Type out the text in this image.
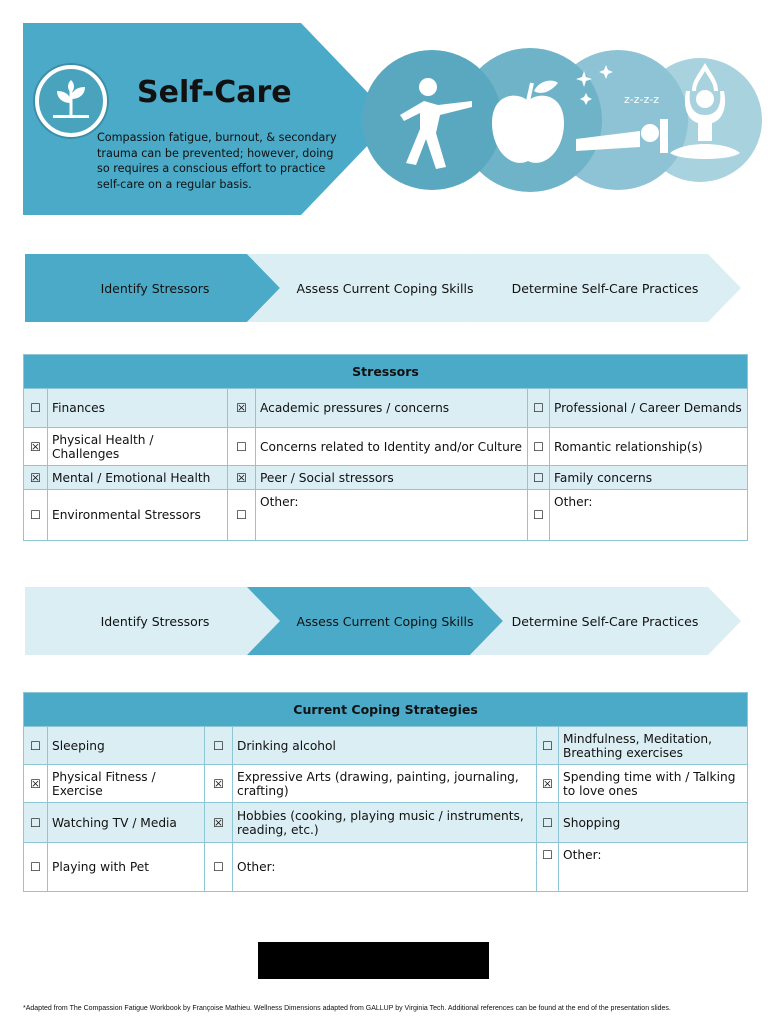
Self-Care
Compassion fatigue, burnout, & secondary trauma can be prevented; however, doing so requires a conscious effort to practice self-care on a regular basis.
z-z-z-z
Identify Stressors	Assess Current Coping Skills	Determine Self-Care Practices
Stressors					
☐	Finances	☒	Academic pressures / concerns	☐	Professional / Career Demands
☒	Physical Health / Challenges	☐	Concerns related to Identity and/or Culture	☐	Romantic relationship(s)
☒	Mental / Emotional Health	☒	Peer / Social stressors	☐	Family concerns
☐	Environmental Stressors	☐	Other:	☐	Other:
Identify Stressors	Assess Current Coping Skills	Determine Self-Care Practices
Current Coping Strategies					
☐	Sleeping	☐	Drinking alcohol	☐	Mindfulness, Meditation, Breathing exercises
☒	Physical Fitness / Exercise	☒	Expressive Arts (drawing, painting, journaling, crafting)	☒	Spending time with / Talking to love ones
☐	Watching TV / Media	☒	Hobbies (cooking, playing music / instruments, reading, etc.)	☐	Shopping
☐	Playing with Pet	☐	Other:	☐	Other:
*Adapted from The Compassion Fatigue Workbook by Françoise Mathieu. Wellness Dimensions adapted from GALLUP by Virginia Tech. Additional references can be found at the end of the presentation slides.
